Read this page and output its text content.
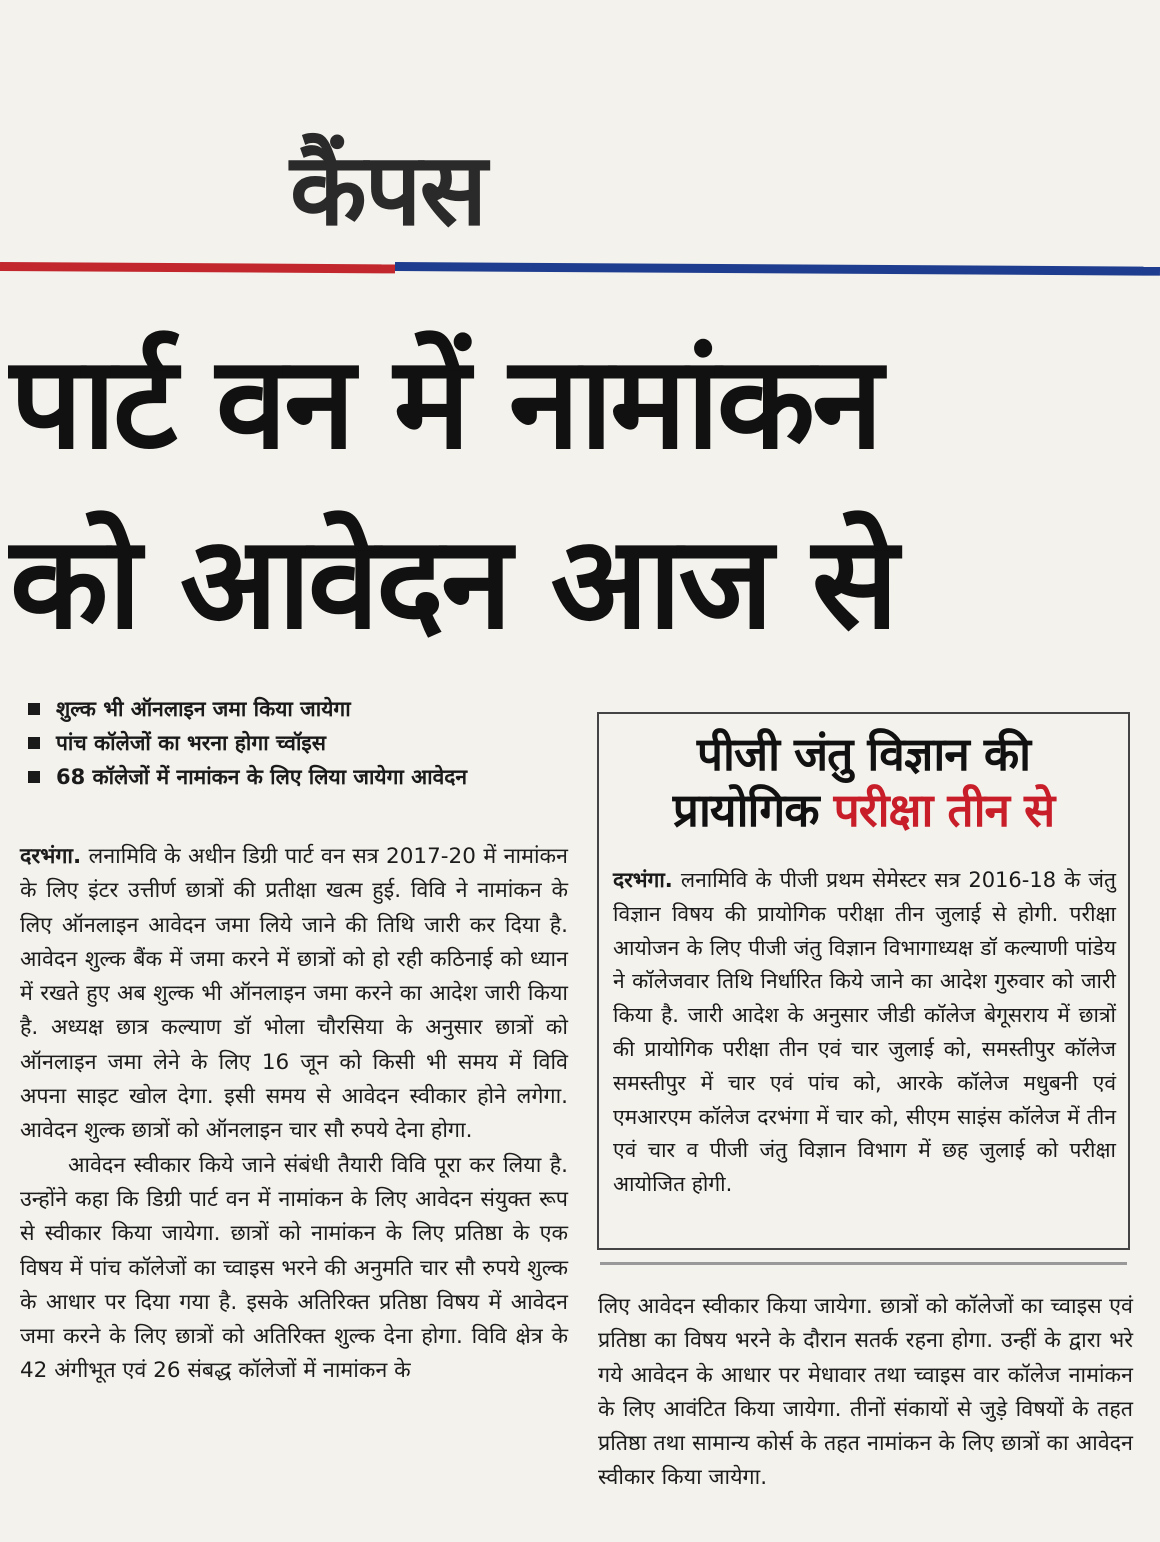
कैंपस
पार्ट वन में नामांकन
को आवेदन आज से
शुल्क भी ऑनलाइन जमा किया जायेगा
पांच कॉलेजों का भरना होगा च्वॉइस
68 कॉलेजों में नामांकन के लिए लिया जायेगा आवेदन

दरभंगा. लनामिवि के अधीन डिग्री पार्ट वन सत्र 2017-20 में नामांकन के लिए इंटर उत्तीर्ण छात्रों की प्रतीक्षा खत्म हुई. विवि ने नामांकन के लिए ऑनलाइन आवेदन जमा लिये जाने की तिथि जारी कर दिया है. आवेदन शुल्क बैंक में जमा करने में छात्रों को हो रही कठिनाई को ध्यान में रखते हुए अब शुल्क भी ऑनलाइन जमा करने का आदेश जारी किया है. अध्यक्ष छात्र कल्याण डॉ भोला चौरसिया के अनुसार छात्रों को ऑनलाइन जमा लेने के लिए 16 जून को किसी भी समय में विवि अपना साइट खोल देगा. इसी समय से आवेदन स्वीकार होने लगेगा. आवेदन शुल्क छात्रों को ऑनलाइन चार सौ रुपये देना होगा.

आवेदन स्वीकार किये जाने संबंधी तैयारी विवि पूरा कर लिया है. उन्होंने कहा कि डिग्री पार्ट वन में नामांकन के लिए आवेदन संयुक्त रूप से स्वीकार किया जायेगा. छात्रों को नामांकन के लिए प्रतिष्ठा के एक विषय में पांच कॉलेजों का च्वाइस भरने की अनुमति चार सौ रुपये शुल्क के आधार पर दिया गया है. इसके अतिरिक्त प्रतिष्ठा विषय में आवेदन जमा करने के लिए छात्रों को अतिरिक्त शुल्क देना होगा. विवि क्षेत्र के 42 अंगीभूत एवं 26 संबद्ध कॉलेजों में नामांकन के

पीजी जंतु विज्ञान की
प्रायोगिक परीक्षा तीन से

दरभंगा. लनामिवि के पीजी प्रथम सेमेस्टर सत्र 2016-18 के जंतु विज्ञान विषय की प्रायोगिक परीक्षा तीन जुलाई से होगी. परीक्षा आयोजन के लिए पीजी जंतु विज्ञान विभागाध्यक्ष डॉ कल्याणी पांडेय ने कॉलेजवार तिथि निर्धारित किये जाने का आदेश गुरुवार को जारी किया है. जारी आदेश के अनुसार जीडी कॉलेज बेगूसराय में छात्रों की प्रायोगिक परीक्षा तीन एवं चार जुलाई को, समस्तीपुर कॉलेज समस्तीपुर में चार एवं पांच को, आरके कॉलेज मधुबनी एवं एमआरएम कॉलेज दरभंगा में चार को, सीएम साइंस कॉलेज में तीन एवं चार व पीजी जंतु विज्ञान विभाग में छह जुलाई को परीक्षा आयोजित होगी.

लिए आवेदन स्वीकार किया जायेगा. छात्रों को कॉलेजों का च्वाइस एवं प्रतिष्ठा का विषय भरने के दौरान सतर्क रहना होगा. उन्हीं के द्वारा भरे गये आवेदन के आधार पर मेधावार तथा च्वाइस वार कॉलेज नामांकन के लिए आवंटित किया जायेगा. तीनों संकायों से जुड़े विषयों के तहत प्रतिष्ठा तथा सामान्य कोर्स के तहत नामांकन के लिए छात्रों का आवेदन स्वीकार किया जायेगा.
